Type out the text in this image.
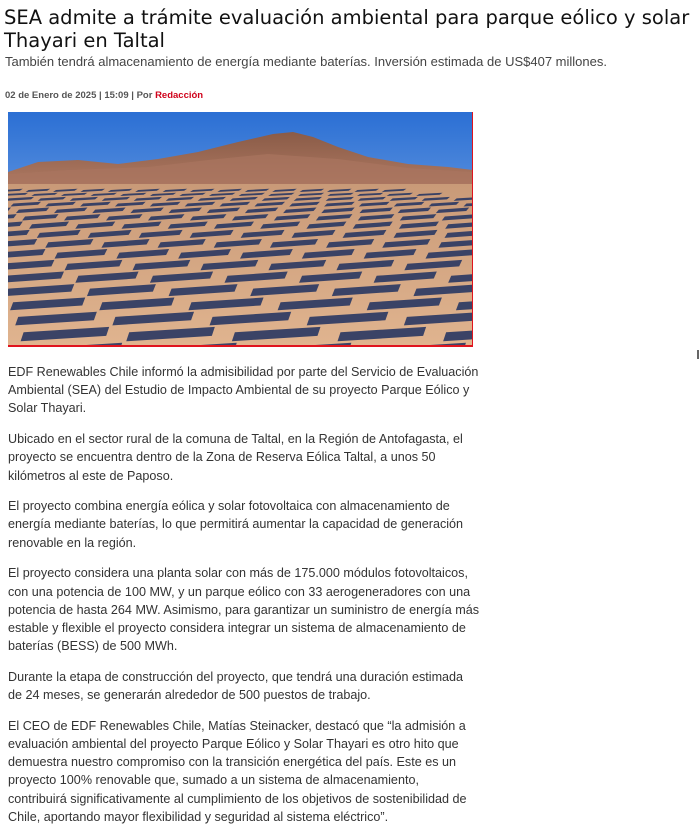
SEA admite a trámite evaluación ambiental para parque eólico y solar Thayari en Taltal
También tendrá almacenamiento de energía mediante baterías. Inversión estimada de US$407 millones.
02 de Enero de 2025 | 15:09 | Por Redacción

EDF Renewables Chile informó la admisibilidad por parte del Servicio de Evaluación Ambiental (SEA) del Estudio de Impacto Ambiental de su proyecto Parque Eólico y Solar Thayari.

Ubicado en el sector rural de la comuna de Taltal, en la Región de Antofagasta, el proyecto se encuentra dentro de la Zona de Reserva Eólica Taltal, a unos 50 kilómetros al este de Paposo.

El proyecto combina energía eólica y solar fotovoltaica con almacenamiento de energía mediante baterías, lo que permitirá aumentar la capacidad de generación renovable en la región.

El proyecto considera una planta solar con más de 175.000 módulos fotovoltaicos, con una potencia de 100 MW, y un parque eólico con 33 aerogeneradores con una potencia de hasta 264 MW. Asimismo, para garantizar un suministro de energía más estable y flexible el proyecto considera integrar un sistema de almacenamiento de baterías (BESS) de 500 MWh.

Durante la etapa de construcción del proyecto, que tendrá una duración estimada de 24 meses, se generarán alrededor de 500 puestos de trabajo.

El CEO de EDF Renewables Chile, Matías Steinacker, destacó que “la admisión a evaluación ambiental del proyecto Parque Eólico y Solar Thayari es otro hito que demuestra nuestro compromiso con la transición energética del país. Este es un proyecto 100% renovable que, sumado a un sistema de almacenamiento, contribuirá significativamente al cumplimiento de los objetivos de sostenibilidad de Chile, aportando mayor flexibilidad y seguridad al sistema eléctrico”.
